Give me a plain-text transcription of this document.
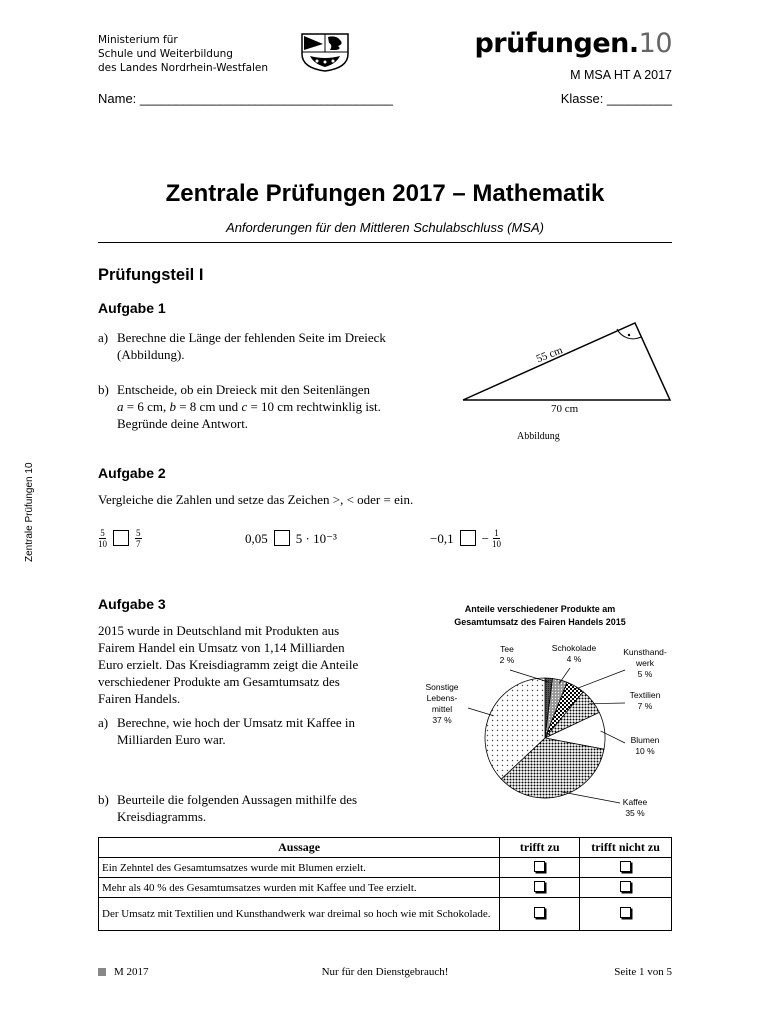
Ministerium für
Schule und Weiterbildung
des Landes Nordrhein-Westfalen
prüfungen.10
M MSA HT A 2017
Name: ___________________________________	Klasse: _________
Zentrale Prüfungen 10
Zentrale Prüfungen 2017 – Mathematik
Anforderungen für den Mittleren Schulabschluss (MSA)
Prüfungsteil I
Aufgabe 1
a) Berechne die Länge der fehlenden Seite im Dreieck
(Abbildung).
b) Entscheide, ob ein Dreieck mit den Seitenlängen
a = 6 cm, b = 8 cm und c = 10 cm rechtwinklig ist.
Begründe deine Antwort.
55 cm
70 cm
Abbildung
Aufgabe 2
Vergleiche die Zahlen und setze das Zeichen >, < oder = ein.
$\frac{5}{10}$	$\frac{5}{7}$	0,05 5 · 10⁻³	$-0,1 - \frac{1}{10}$
Aufgabe 3
2015 wurde in Deutschland mit Produkten aus
Fairem Handel ein Umsatz von 1,14 Milliarden
Euro erzielt. Das Kreisdiagramm zeigt die Anteile
verschiedener Produkte am Gesamtumsatz des
Fairen Handels.
a) Berechne, wie hoch der Umsatz mit Kaffee in
Milliarden Euro war.
b) Beurteile die folgenden Aussagen mithilfe des
Kreisdiagramms.
Anteile verschiedener Produkte am
Gesamtumsatz des Fairen Handels 2015
Tee
2 %
Schokolade
4 %
Kunsthand-
werk
5 %
Textilien
7 %
Blumen
10 %
Kaffee
35 %
Sonstige
Lebens-
mittel
37 %
Aussage	trifft zu	trifft nicht zu
Ein Zehntel des Gesamtumsatzes wurde mit Blumen erzielt.		
Mehr als 40 % des Gesamtumsatzes wurden mit Kaffee und Tee erzielt.		
Der Umsatz mit Textilien und Kunsthandwerk war dreimal so hoch wie mit Schokolade.		
M 2017	Nur für den Dienstgebrauch!	Seite 1 von 5
